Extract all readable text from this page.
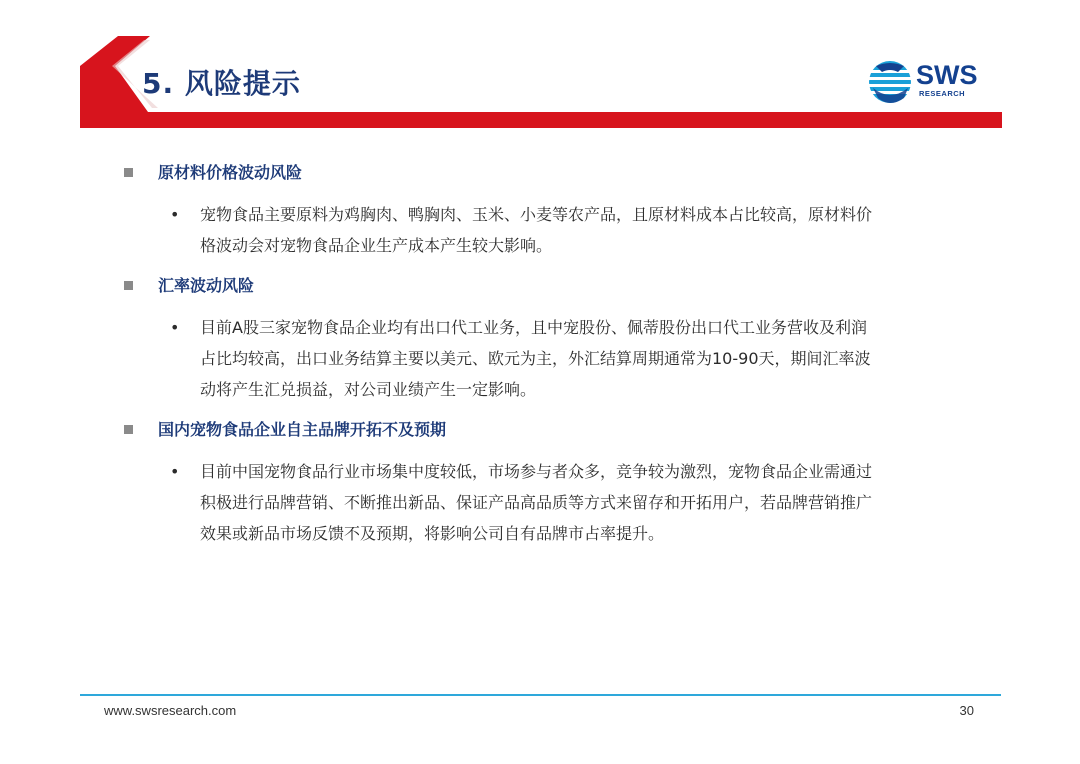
5. 风险提示	SWS
RESEARCH
原材料价格波动风险
• 宠物食品主要原料为鸡胸肉、鸭胸肉、玉米、小麦等农产品，且原材料成本占比较高，原材料价
格波动会对宠物食品企业生产成本产生较大影响。
汇率波动风险
• 目前A股三家宠物食品企业均有出口代工业务，且中宠股份、佩蒂股份出口代工业务营收及利润
占比均较高，出口业务结算主要以美元、欧元为主，外汇结算周期通常为10-90天，期间汇率波
动将产生汇兑损益，对公司业绩产生一定影响。
国内宠物食品企业自主品牌开拓不及预期
• 目前中国宠物食品行业市场集中度较低，市场参与者众多，竞争较为激烈，宠物食品企业需通过
积极进行品牌营销、不断推出新品、保证产品高品质等方式来留存和开拓用户，若品牌营销推广
效果或新品市场反馈不及预期，将影响公司自有品牌市占率提升。
www.swsresearch.com	30
